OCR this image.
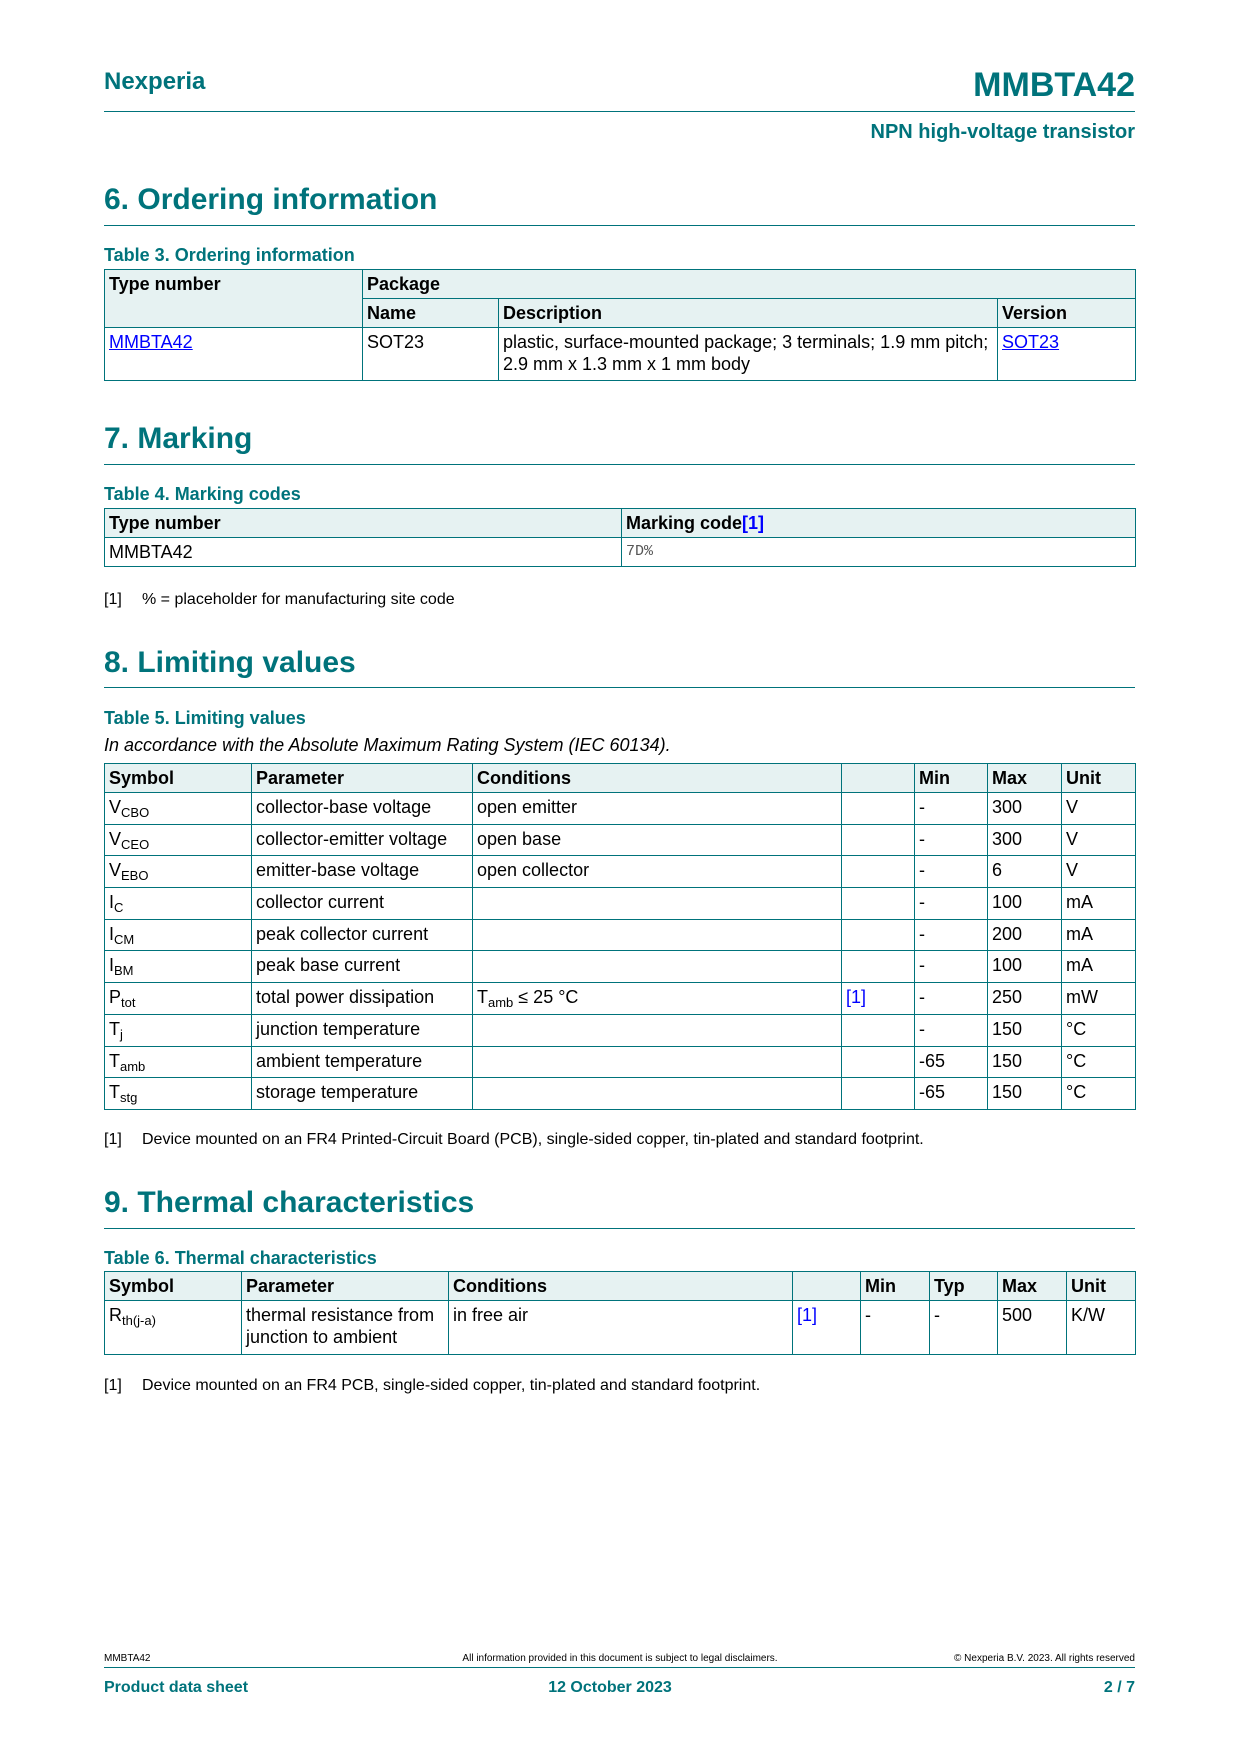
Nexperia	MMBTA42
NPN high-voltage transistor
6. Ordering information
Table 3. Ordering information
Type number	Package		
	Name	Description	Version
MMBTA42	SOT23	plastic, surface-mounted package; 3 terminals; 1.9 mm pitch; 2.9 mm x 1.3 mm x 1 mm body	SOT23
7. Marking
Table 4. Marking codes
Type number	Marking code[1]
MMBTA42	7D%
[1] % = placeholder for manufacturing site code
8. Limiting values
Table 5. Limiting values
In accordance with the Absolute Maximum Rating System (IEC 60134).
Symbol	Parameter	Conditions		Min	Max	Unit
$V_{CBO}$	collector-base voltage	open emitter		-	300	V
$V_{CEO}$	collector-emitter voltage	open base		-	300	V
$V_{EBO}$	emitter-base voltage	open collector		-	6	V
$I_C$	collector current			-	100	mA
$I_{CM}$	peak collector current			-	200	mA
$I_{BM}$	peak base current			-	100	mA
$P_{tot}$	total power dissipation	$T_{amb} \le 25$ °C	[1]	-	250	mW
$T_j$	junction temperature			-	150	°C
$T_{amb}$	ambient temperature			-65	150	°C
$T_{stg}$	storage temperature			-65	150	°C
[1] Device mounted on an FR4 Printed-Circuit Board (PCB), single-sided copper, tin-plated and standard footprint.
9. Thermal characteristics
Table 6. Thermal characteristics
Symbol	Parameter	Conditions		Min	Typ	Max	Unit
$R_{th(j-a)}$	thermal resistance from junction to ambient	in free air	[1]	-	-	500	K/W
[1] Device mounted on an FR4 PCB, single-sided copper, tin-plated and standard footprint.
MMBTA42	All information provided in this document is subject to legal disclaimers.	© Nexperia B.V. 2023. All rights reserved
Product data sheet	12 October 2023	2 / 7
